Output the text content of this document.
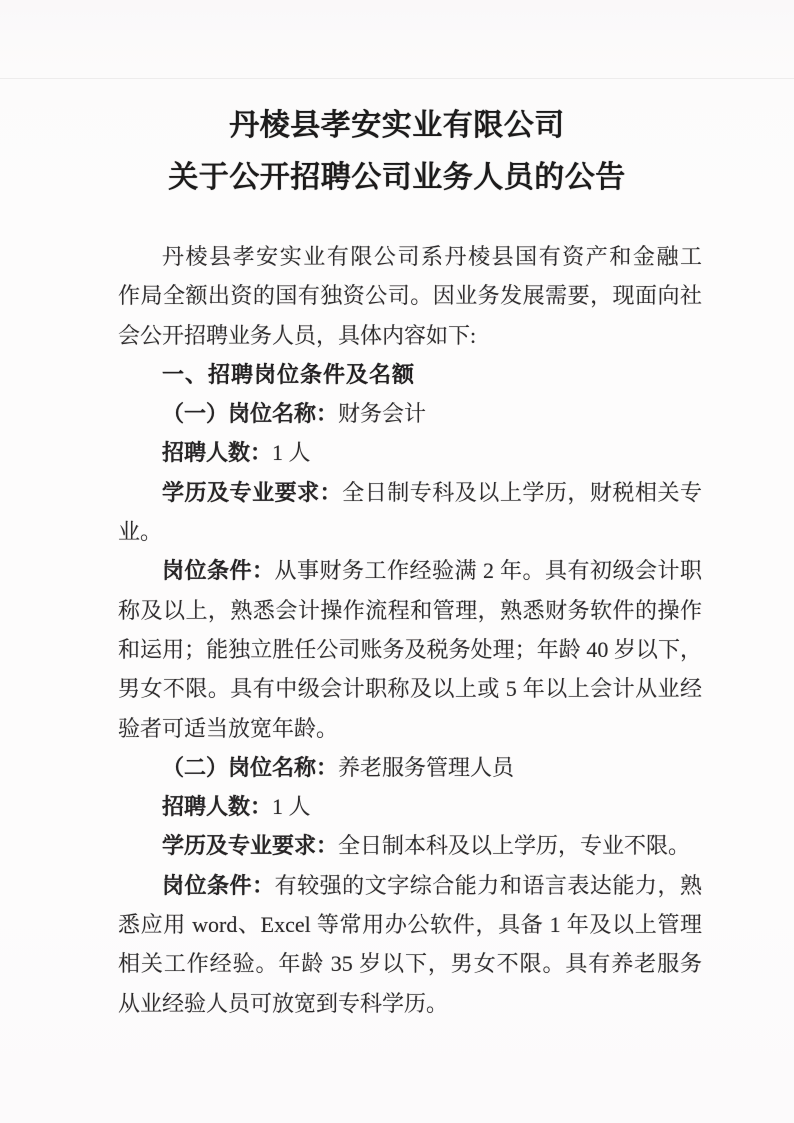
丹棱县孝安实业有限公司
关于公开招聘公司业务人员的公告
丹棱县孝安实业有限公司系丹棱县国有资产和金融工
作局全额出资的国有独资公司。因业务发展需要，现面向社
会公开招聘业务人员，具体内容如下:
一、招聘岗位条件及名额
（一）岗位名称：财务会计
招聘人数：1 人
学历及专业要求：全日制专科及以上学历，财税相关专
业。
岗位条件：从事财务工作经验满 2 年。具有初级会计职
称及以上，熟悉会计操作流程和管理，熟悉财务软件的操作
和运用；能独立胜任公司账务及税务处理；年龄 40 岁以下，
男女不限。具有中级会计职称及以上或 5 年以上会计从业经
验者可适当放宽年龄。
（二）岗位名称：养老服务管理人员
招聘人数：1 人
学历及专业要求：全日制本科及以上学历，专业不限。
岗位条件：有较强的文字综合能力和语言表达能力，熟
悉应用 word、Excel 等常用办公软件，具备 1 年及以上管理
相关工作经验。年龄 35 岁以下，男女不限。具有养老服务
从业经验人员可放宽到专科学历。
